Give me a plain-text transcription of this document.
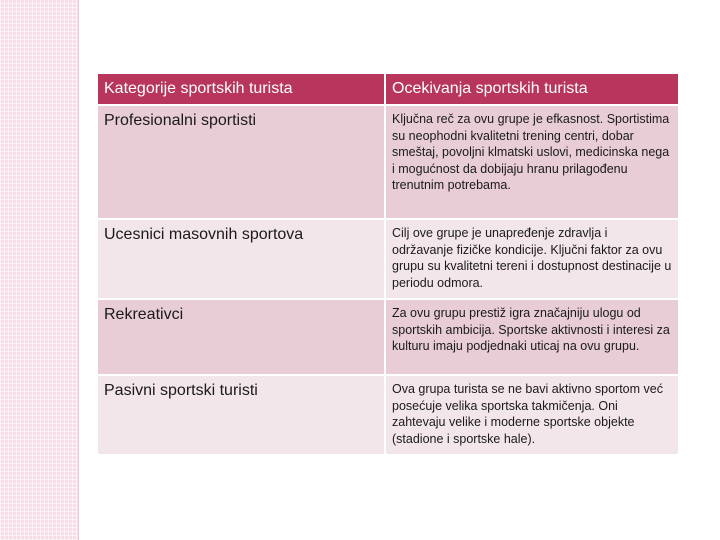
Kategorije sportskih turista	Ocekivanja sportskih turista
Profesionalni sportisti	Ključna reč za ovu grupe je efkasnost. Sportistima su neophodni kvalitetni trening centri, dobar smeštaj, povoljni klmatski uslovi, medicinska nega i mogućnost da dobijaju hranu prilagođenu trenutnim potrebama.
Ucesnici masovnih sportova	Cilj ove grupe je unapređenje zdravlja i održavanje fizičke kondicije. Ključni faktor za ovu grupu su kvalitetni tereni i dostupnost destinacije u periodu odmora.
Rekreativci	Za ovu grupu prestiž igra značajniju ulogu od sportskih ambicija. Sportske aktivnosti i interesi za kulturu imaju podjednaki uticaj na ovu grupu.
Pasivni sportski turisti	Ova grupa turista se ne bavi aktivno sportom već posećuje velika sportska takmičenja. Oni zahtevaju velike i moderne sportske objekte (stadione i sportske hale).
